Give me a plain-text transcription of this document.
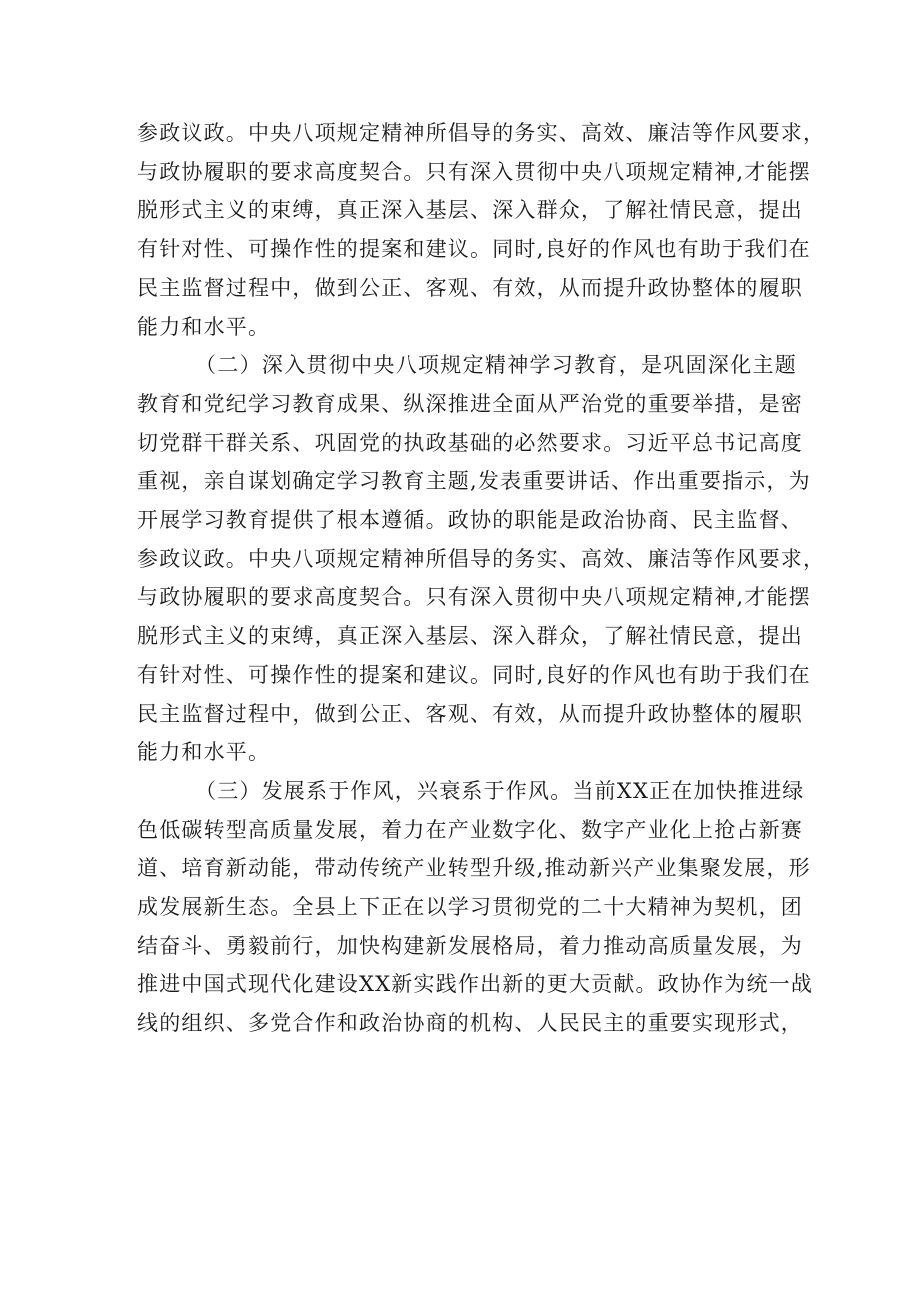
参政议政。中央八项规定精神所倡导的务实、高效、廉洁等作风要求，
与政协履职的要求高度契合。只有深入贯彻中央八项规定精神,才能摆
脱形式主义的束缚，真正深入基层、深入群众，了解社情民意，提出
有针对性、可操作性的提案和建议。同时,良好的作风也有助于我们在
民主监督过程中，做到公正、客观、有效，从而提升政协整体的履职
能力和水平。
（二）深入贯彻中央八项规定精神学习教育，是巩固深化主题
教育和党纪学习教育成果、纵深推进全面从严治党的重要举措，是密
切党群干群关系、巩固党的执政基础的必然要求。习近平总书记高度
重视，亲自谋划确定学习教育主题,发表重要讲话、作出重要指示，为
开展学习教育提供了根本遵循。政协的职能是政治协商、民主监督、
参政议政。中央八项规定精神所倡导的务实、高效、廉洁等作风要求，
与政协履职的要求高度契合。只有深入贯彻中央八项规定精神,才能摆
脱形式主义的束缚，真正深入基层、深入群众，了解社情民意，提出
有针对性、可操作性的提案和建议。同时,良好的作风也有助于我们在
民主监督过程中，做到公正、客观、有效，从而提升政协整体的履职
能力和水平。
（三）发展系于作风，兴衰系于作风。当前XX正在加快推进绿
色低碳转型高质量发展，着力在产业数字化、数字产业化上抢占新赛
道、培育新动能，带动传统产业转型升级,推动新兴产业集聚发展，形
成发展新生态。全县上下正在以学习贯彻党的二十大精神为契机，团
结奋斗、勇毅前行，加快构建新发展格局，着力推动高质量发展，为
推进中国式现代化建设XX新实践作出新的更大贡献。政协作为统一战
线的组织、多党合作和政治协商的机构、人民民主的重要实现形式，
